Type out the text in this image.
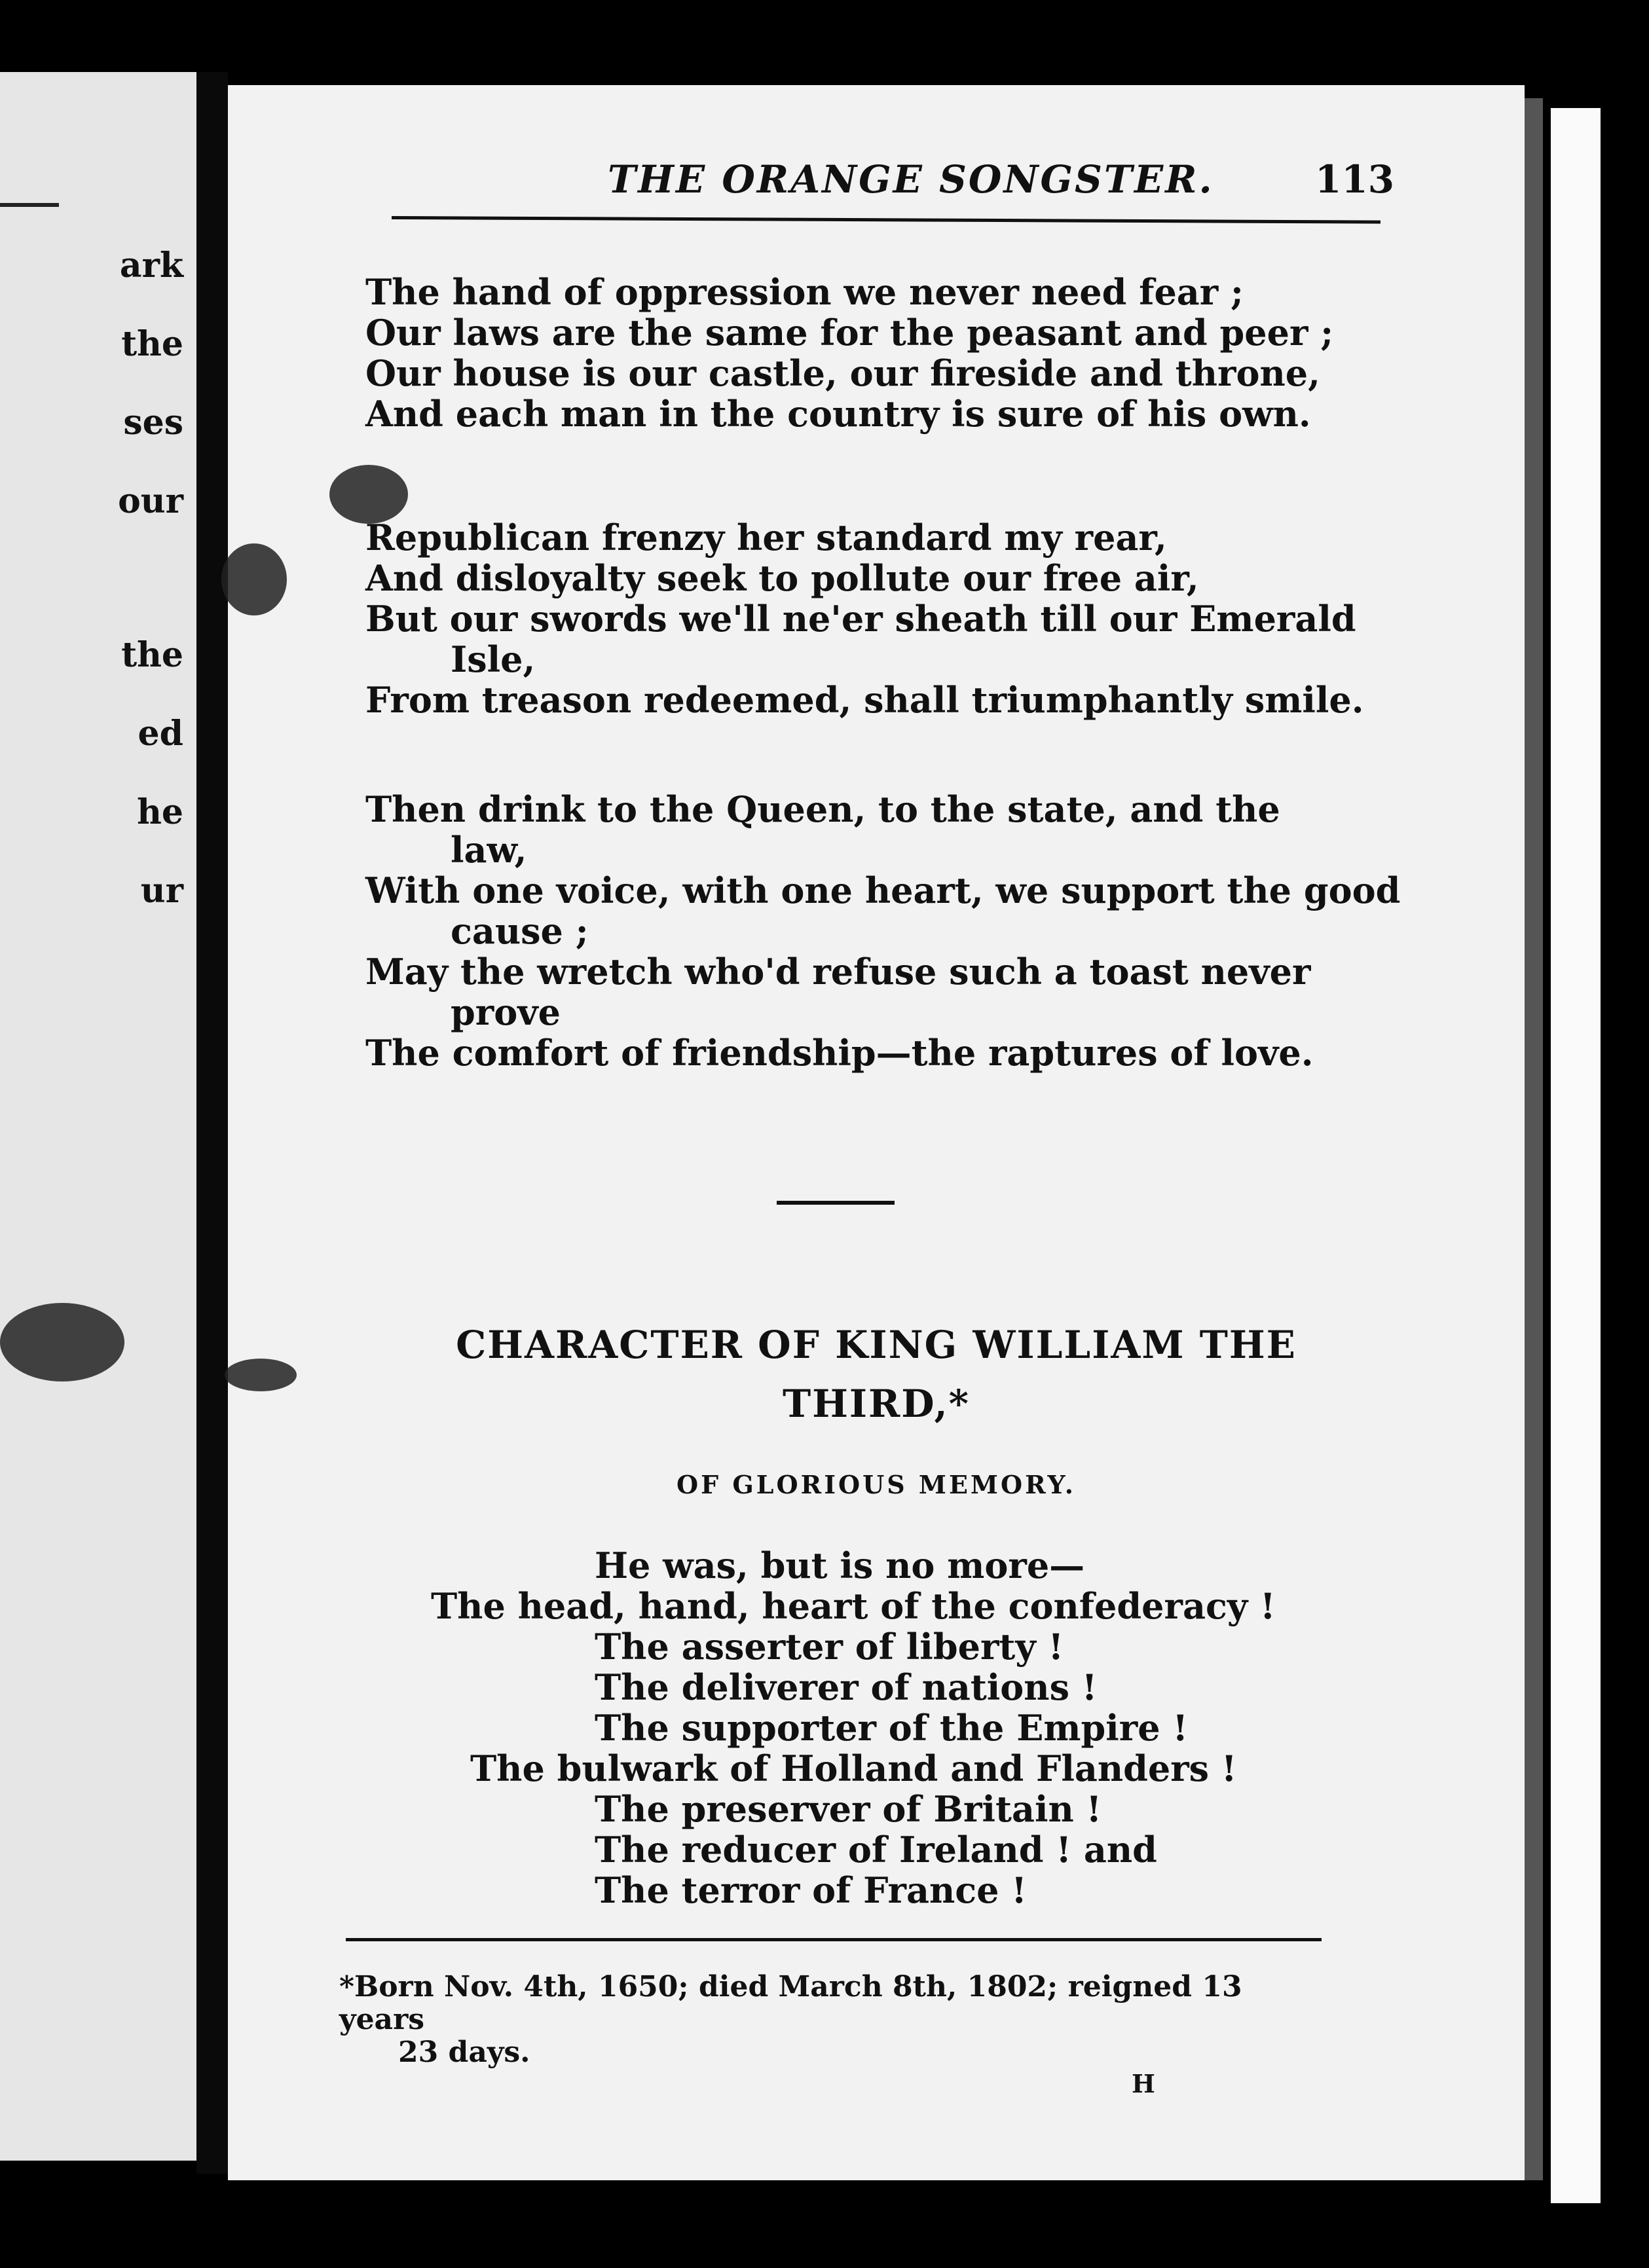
ark
the
ses
our
the
ed
he
ur
THE ORANGE SONGSTER.	113
The hand of oppression we never need fear ;
Our laws are the same for the peasant and peer ;
Our house is our castle, our fireside and throne,
And each man in the country is sure of his own.
Republican frenzy her standard my rear,
And disloyalty seek to pollute our free air,
But our swords we'll ne'er sheath till our Emerald
Isle,
From treason redeemed, shall triumphantly smile.
Then drink to the Queen, to the state, and the
law,
With one voice, with one heart, we support the good
cause ;
May the wretch who'd refuse such a toast never
prove
The comfort of friendship—the raptures of love.
CHARACTER OF KING WILLIAM THE
THIRD,*
OF GLORIOUS MEMORY.
He was, but is no more—
The head, hand, heart of the confederacy !
The asserter of liberty !
The deliverer of nations !
The supporter of the Empire !
The bulwark of Holland and Flanders !
The preserver of Britain !
The reducer of Ireland ! and
The terror of France !
*Born Nov. 4th, 1650; died March 8th, 1802; reigned 13 years
23 days.
H
